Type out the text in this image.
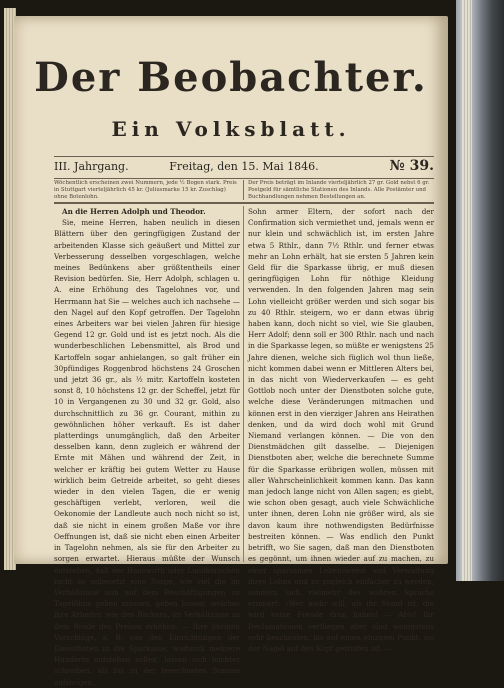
Der Beobachter.
Ein Volksblatt.
III. Jahrgang.	Freitag, den 15. Mai 1846.	№ 39.
Wöchentlich erscheinen zwei Nummern, jede ½ Bogen stark. Preis in Stuttgart vierteljährlich 45 kr. (Juliusmarke 15 kr. Zuschlag) ohne Botenlohn.
Der Preis beträgt im Inlande vierteljährlich 27 gr. Gold nebst 6 gr. Postgeld für sämtliche Stationen des Inlands. Alle Postämter und Buchhandlungen nehmen Bestellungen an.

An die Herren Adolph und Theodor.

Sie, meine Herren, haben neulich in diesen Blättern über den geringfügigen Zustand der arbeitenden Klasse sich geäußert und Mittel zur Verbesserung desselben vorgeschlagen, welche meines Bedünkens aber größtentheils einer Revision bedürfen. Sie, Herr Adolph, schlagen u. A. eine Erhöhung des Tagelohnes vor, und Herrmann hat Sie — welches auch ich nachsehe — den Nagel auf den Kopf getroffen. Der Tagelohn eines Arbeiters war bei vielen Jahren für hiesige Gegend 12 gr. Gold und ist es jetzt noch. Als die wunderbeschlichen Lebensmittel, als Brod und Kartoffeln sogar anhielangen, so galt früher ein 30pfündiges Roggenbrod höchstens 24 Groschen und jetzt 36 gr., als ½ mitr. Kartoffeln kosteten sonst 8, 10 höchstens 12 gr. der Scheffel, jetzt für 10 in Vergangenen zu 30 und 32 gr. Gold, also durchschnittlich zu 36 gr. Courant, mithin zu gewöhnlichen höher verkauft. Es ist daher platterdings unumgänglich, daß den Arbeiter desselben kann, denn zugleich er während der Ernte mit Mähen und während der Zeit, in welcher er kräftig bei gutem Wetter zu Hause wirklich beim Getreide arbeitet, so geht dieses wieder in den vielen Tagen, die er wenig geschäftigen verlebt, verloren, weil die Oekonomie der Landleute auch noch nicht so ist, daß sie nicht in einem großen Maße vor ihre Oeffnungen ist, daß sie nicht eben einen Arbeiter in Tagelohn nehmen, als sie für den Arbeiter zu sorgen erwartet. Hieraus müßte der Wunsch entstehen, daß der Hauswirth oder Landkörnchen nicht so unbesetzt eine Sorge, wie viel die im Verhältnisse nun auf dem Beschäftigungen zu Tagelöhne gehen müssen, geben lassen, welches ihre Arbeiter, wie den Bäckern, im Verhältnisse zu dem Brode des Preises erhöhen. — Ihre übrigen Vorschläge, z. B. von den Einrichtungen der Dienstboten in die Sparkasse, wodurch mehrere Hunderte entstehen sollen, lassen sich leichter schreiben, als bis zu der berechneten Summe aufsteigen.

Sohn armer Eltern, der sofort nach der Confirmation sich vermiethet und, jemals wenn er nur klein und schwächlich ist, im ersten Jahre etwa 5 Rthlr., dann 7½ Rthlr. und ferner etwas mehr an Lohn erhält, hat sie ersten 5 Jahren kein Geld für die Sparkasse übrig, er muß diesen geringfügigen Lohn für nöthige Kleidung verwenden. In den folgenden Jahren mag sein Lohn vielleicht größer werden und sich sogar bis zu 40 Rthlr. steigern, wo er dann etwas übrig haben kann, doch nicht so viel, wie Sie glauben, Herr Adolf; denn soll er 300 Rthlr. nach und nach in die Sparkasse legen, so müßte er wenigstens 25 Jahre dienen, welche sich füglich wol thun ließe, nicht kommen dabei wenn er Mittleren Alters bei, in das nicht von Wiederverkaufen — es geht Gottlob noch unter der Dienstboten solche gute, welche diese Veränderungen mitmachen und können erst in den vierziger Jahren ans Heirathen denken, und da wird doch wohl mit Grund Niemand verlangen können. — Die von den Dienstmädchen gilt dasselbe. — Diejenigen Dienstboten aber, welche die berechnete Summe für die Sparkasse erübrigen wollen, müssen mit aller Wahrscheinlichkeit kommen kann. Das kann man jedoch lange nicht von Allen sagen; es giebt, wie schon oben gesagt, auch viele Schwächliche unter ihnen, deren Lohn nie größer wird, als sie davon kaum ihre nothwendigsten Bedürfnisse bestreiten können. — Was endlich den Punkt betrifft, wo Sie sagen, daß man den Dienstboten es gegönnt, um ihnen wieder auf zu machen, zu einer sparsamen Lebensweise und Verwaltung ihres Lohns und zu zugleich einfacher zu werden, sondern sich vielmehr des wahren Spruchs erinnert: »Wer mehr will, als ihr Stand ist, die wird keine Freude dran haben! — Also! Ihr Declamationen verfliegen aber sind wenigstens sehr bescheiden, bis auf einen einzigen Punkt, wo der Nagel auf den Kopf getroffen ist. —
